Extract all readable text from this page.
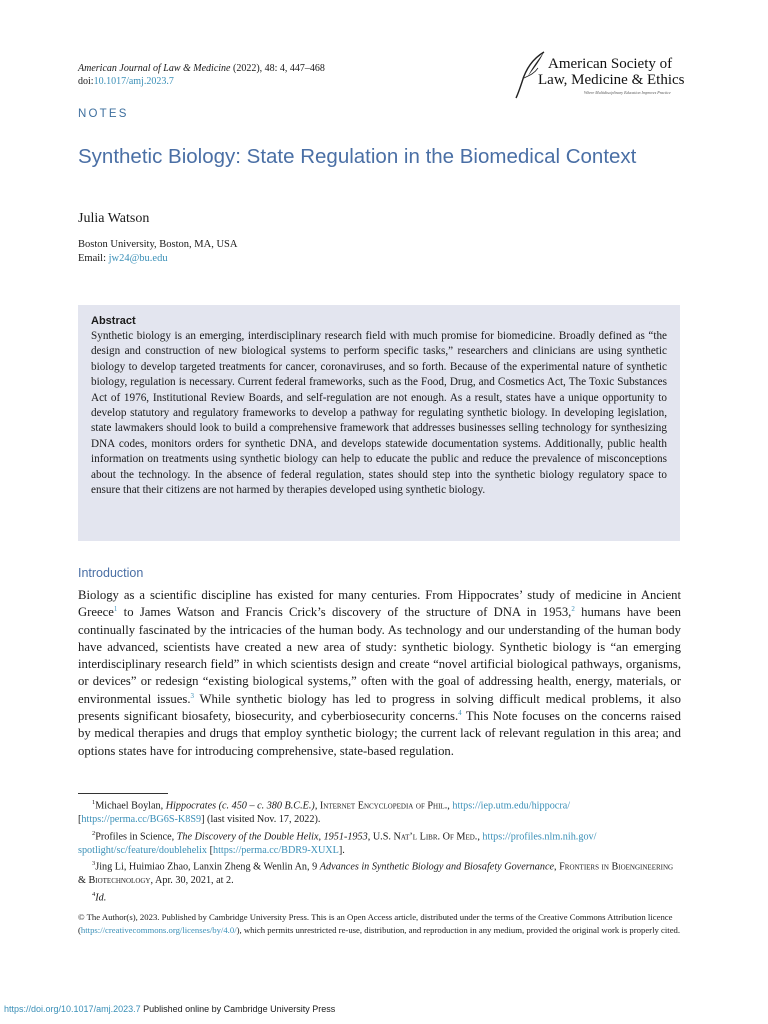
American Journal of Law & Medicine (2022), 48: 4, 447–468
doi:10.1017/amj.2023.7
American Society of
Law, Medicine & Ethics
Where Multidisciplinary Education Improves Practice
NOTES
Synthetic Biology: State Regulation in the Biomedical Context
Julia Watson
Boston University, Boston, MA, USA
Email: jw24@bu.edu
Abstract

Synthetic biology is an emerging, interdisciplinary research field with much promise for biomedicine. Broadly defined as “the design and construction of new biological systems to perform specific tasks,” researchers and clinicians are using synthetic biology to develop targeted treatments for cancer, coronaviruses, and so forth. Because of the experimental nature of synthetic biology, regulation is necessary. Current federal frameworks, such as the Food, Drug, and Cosmetics Act, The Toxic Substances Act of 1976, Institutional Review Boards, and self-regulation are not enough. As a result, states have a unique opportunity to develop statutory and regulatory frameworks to develop a pathway for regulating synthetic biology. In developing legislation, state lawmakers should look to build a comprehensive framework that addresses businesses selling technology for synthesizing DNA codes, monitors orders for synthetic DNA, and develops statewide documentation systems. Additionally, public health information on treatments using synthetic biology can help to educate the public and reduce the prevalence of misconceptions about the technology. In the absence of federal regulation, states should step into the synthetic biology regulatory space to ensure that their citizens are not harmed by therapies developed using synthetic biology.

Introduction

Biology as a scientific discipline has existed for many centuries. From Hippocrates’ study of medicine in Ancient Greece$^1$ to James Watson and Francis Crick’s discovery of the structure of DNA in 1953,$^2$ humans have been continually fascinated by the intricacies of the human body. As technology and our understanding of the human body have advanced, scientists have created a new area of study: synthetic biology. Synthetic biology is “an emerging interdisciplinary research field” in which scientists design and create “novel artificial biological pathways, organisms, or devices” or redesign “existing biological systems,” often with the goal of addressing health, energy, materials, or environmental issues.$^3$ While synthetic biology has led to progress in solving difficult medical problems, it also presents significant biosafety, biosecurity, and cyberbiosecurity concerns.$^4$ This Note focuses on the concerns raised by medical therapies and drugs that employ synthetic biology; the current lack of relevant regulation in this area; and options states have for introducing comprehensive, state-based regulation.

$^1$Michael Boylan, Hippocrates (c. 450 – c. 380 B.C.E.), Internet Encyclopedia of Phil., https://iep.utm.edu/hippocra/
[https://perma.cc/BG6S-K8S9] (last visited Nov. 17, 2022).

$^2$Profiles in Science, The Discovery of the Double Helix, 1951-1953, U.S. Nat’l Libr. Of Med., https://profiles.nlm.nih.gov/
spotlight/sc/feature/doublehelix [https://perma.cc/BDR9-XUXL].

$^3$Jing Li, Huimiao Zhao, Lanxin Zheng & Wenlin An, 9 Advances in Synthetic Biology and Biosafety Governance, Frontiers in Bioengineering & Biotechnology, Apr. 30, 2021, at 2.

$^4$Id.

© The Author(s), 2023. Published by Cambridge University Press. This is an Open Access article, distributed under the terms of the Creative Commons Attribution licence (https://creativecommons.org/licenses/by/4.0/), which permits unrestricted re-use, distribution, and reproduction in any medium, provided the original work is properly cited.
https://doi.org/10.1017/amj.2023.7 Published online by Cambridge University Press
